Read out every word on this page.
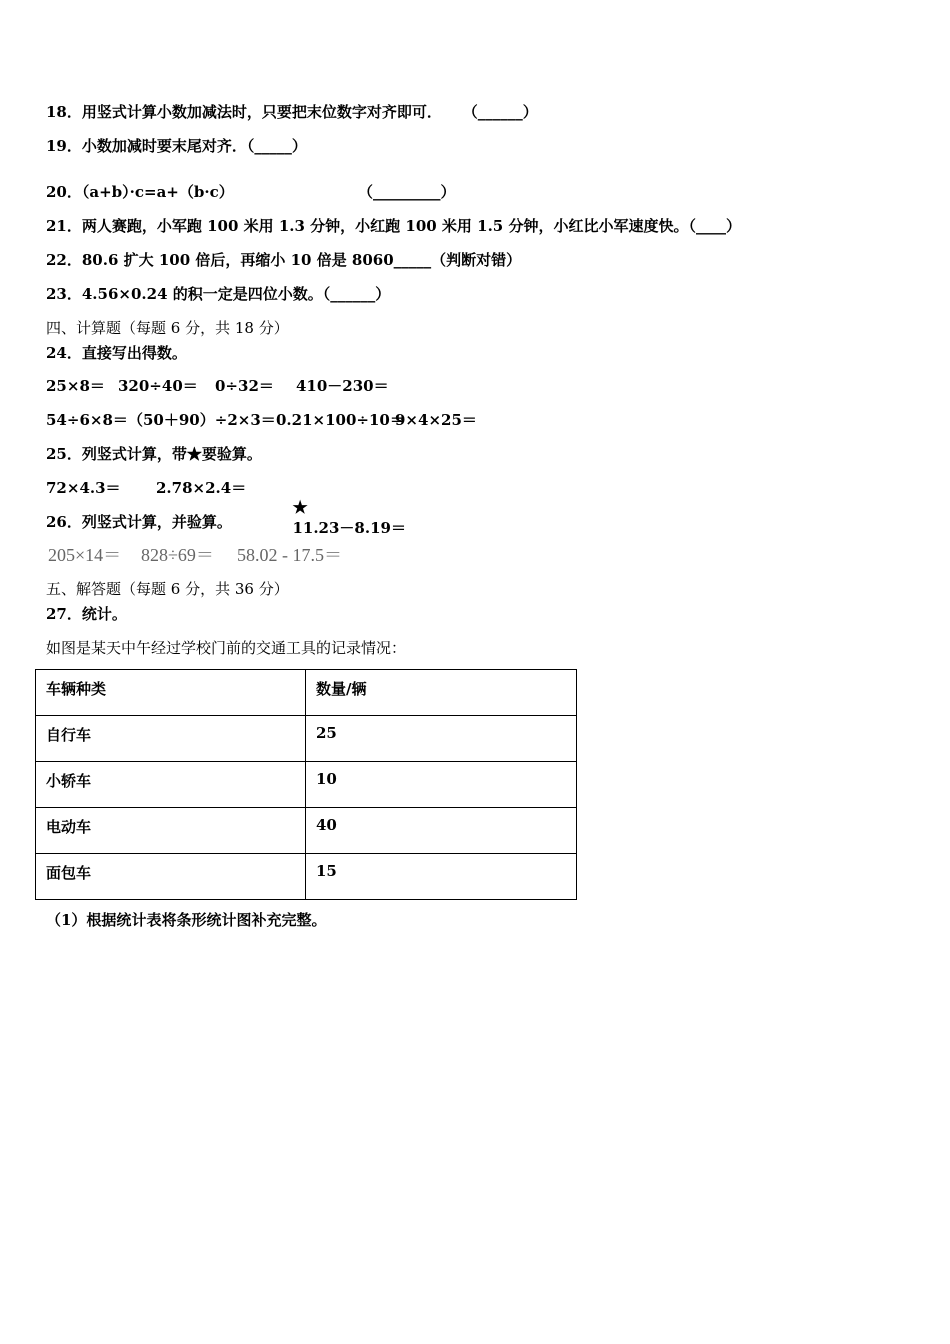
18．用竖式计算小数加减法时，只要把末位数字对齐即可．    （______）
19．小数加减时要末尾对齐．（_____）
20．（a+b）·c=a+（b·c）	（_________）
21．两人赛跑，小军跑 100 米用 1.3 分钟，小红跑 100 米用 1.5 分钟，小红比小军速度快。（____）
22．80.6 扩大 100 倍后，再缩小 10 倍是 8060_____（判断对错）
23．4.56×0.24 的积一定是四位小数。（______）
四、计算题（每题 6 分，共 18 分）
24．直接写出得数。
25×8＝ 320÷40＝ 0÷32＝ 410－230＝
54÷6×8＝ （50＋90）÷2×3＝ 0.21×100÷10＝
9×4×25＝
25．列竖式计算，带★要验算。
72×4.3＝ 2.78×2.4＝

★
11.23－8.19＝

26．列竖式计算，并验算。
205×14＝ 828÷69＝ 58.02 - 17.5＝
五、解答题（每题 6 分，共 36 分）
27．统计。
如图是某天中午经过学校门前的交通工具的记录情况：
车辆种类	数量/辆
自行车	25
小轿车	10
电动车	40
面包车	15
（1）根据统计表将条形统计图补充完整。
